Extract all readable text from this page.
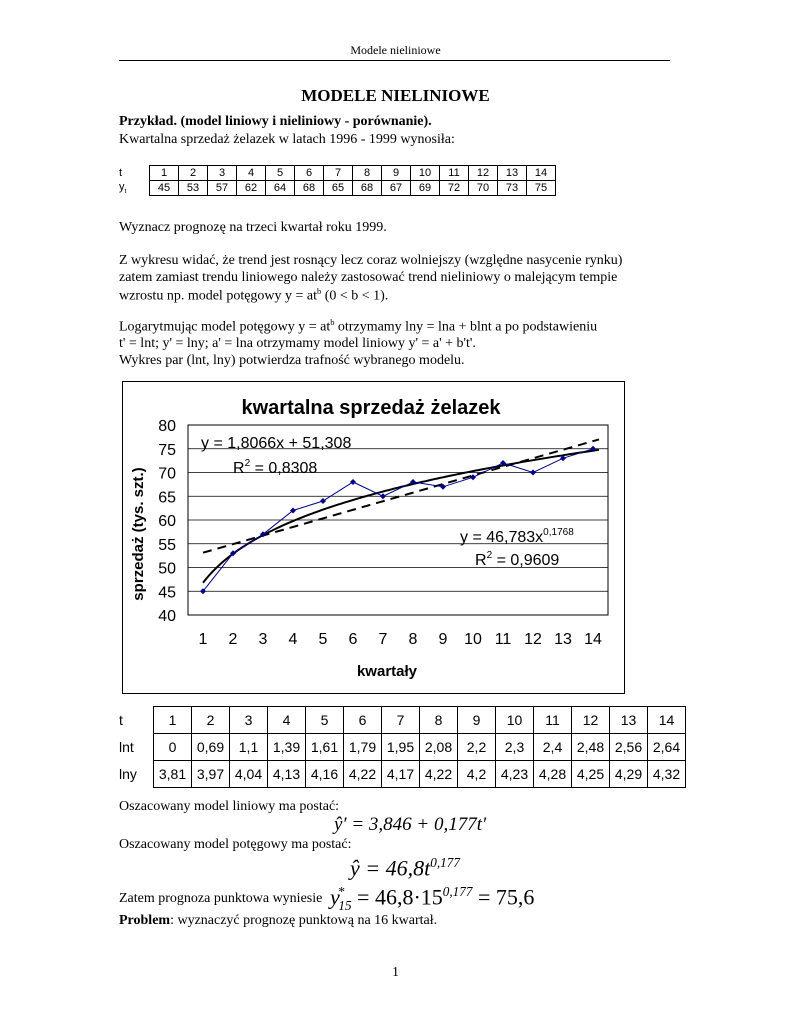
Modele nieliniowe
MODELE NIELINIOWE
Przykład. (model liniowy i nieliniowy - porównanie).
Kwartalna sprzedaż żelazek w latach 1996 - 1999 wynosiła:
t	1	2	3	4	5	6	7	8	9	10	11	12	13	14
$y_t$	45	53	57	62	64	68	65	68	67	69	72	70	73	75
Wyznacz prognozę na trzeci kwartał roku 1999.
Z wykresu widać, że trend jest rosnący lecz coraz wolniejszy (względne nasycenie rynku)
zatem zamiast trendu liniowego należy zastosować trend nieliniowy o malejącym tempie
wzrostu np. model potęgowy $y = at^b$ (0 < b < 1).
Logarytmując model potęgowy $y = at^b$ otrzymamy lny = lna + blnt a po podstawieniu
t' = lnt; y' = lny; a' = lna otrzymamy model liniowy y' = a' + b't'.
Wykres par (lnt, lny) potwierdza trafność wybranego modelu.
kwartalna sprzedaż żelazek
sprzedaż (tys. szt.)
kwartały
40
45
50
55
60
65
70
75
80
1 2 3 4 5 6 7 8 9 10 11 12 13 14
y = 1,8066x + 51,308
$R^2 = 0,8308$
$y = 46,783x^{0,1768}$
$R^2 = 0,9609$
t	1	2	3	4	5	6	7	8	9	10	11	12	13	14
lnt	0	0,69	1,1	1,39	1,61	1,79	1,95	2,08	2,2	2,3	2,4	2,48	2,56	2,64
lny	3,81	3,97	4,04	4,13	4,16	4,22	4,17	4,22	4,2	4,23	4,28	4,25	4,29	4,32
Oszacowany model liniowy ma postać:
ŷ′ = 3,846 + 0,177t′
Oszacowany model potęgowy ma postać:
ŷ = $46,8t^{0,177}$
Zatem prognoza punktowa wyniesie $y^*_{15} = 46,8\cdot 15^{0,177} = 75,6$
Problem: wyznaczyć prognozę punktową na 16 kwartał.
1
